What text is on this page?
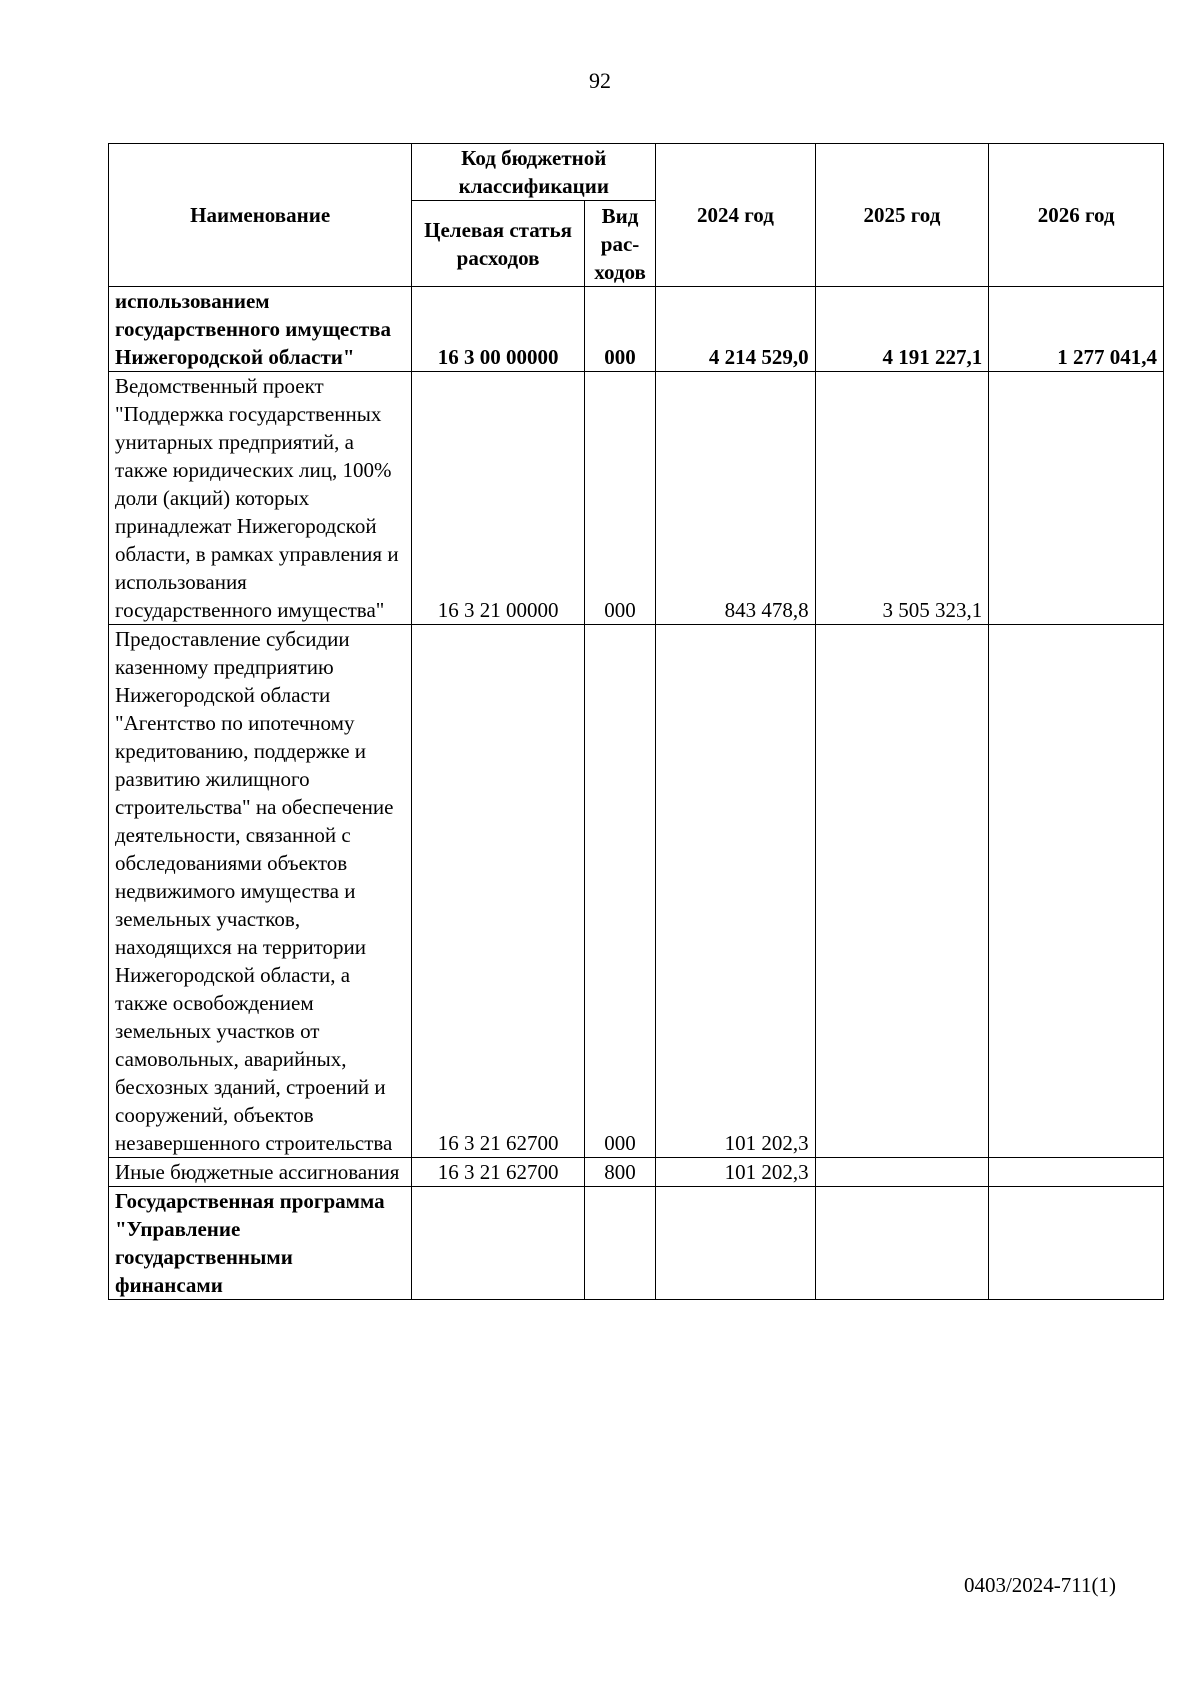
92
Наименование	Код бюджетной классификации		2024 год	2025 год	2026 год
	Целевая статья расходов	Вид рас-ходов			
использованием государственного имущества Нижегородской области"	16 3 00 00000	000	4 214 529,0	4 191 227,1	1 277 041,4
Ведомственный проект "Поддержка государственных унитарных предприятий, а также юридических лиц, 100% доли (акций) которых принадлежат Нижегородской области, в рамках управления и использования государственного имущества"	16 3 21 00000	000	843 478,8	3 505 323,1	
Предоставление субсидии казенному предприятию Нижегородской области "Агентство по ипотечному кредитованию, поддержке и развитию жилищного строительства" на обеспечение деятельности, связанной с обследованиями объектов недвижимого имущества и земельных участков, находящихся на территории Нижегородской области, а также освобождением земельных участков от самовольных, аварийных, бесхозных зданий, строений и сооружений, объектов незавершенного строительства	16 3 21 62700	000	101 202,3		
Иные бюджетные ассигнования	16 3 21 62700	800	101 202,3		
Государственная программа "Управление государственными финансами					
0403/2024-711(1)
